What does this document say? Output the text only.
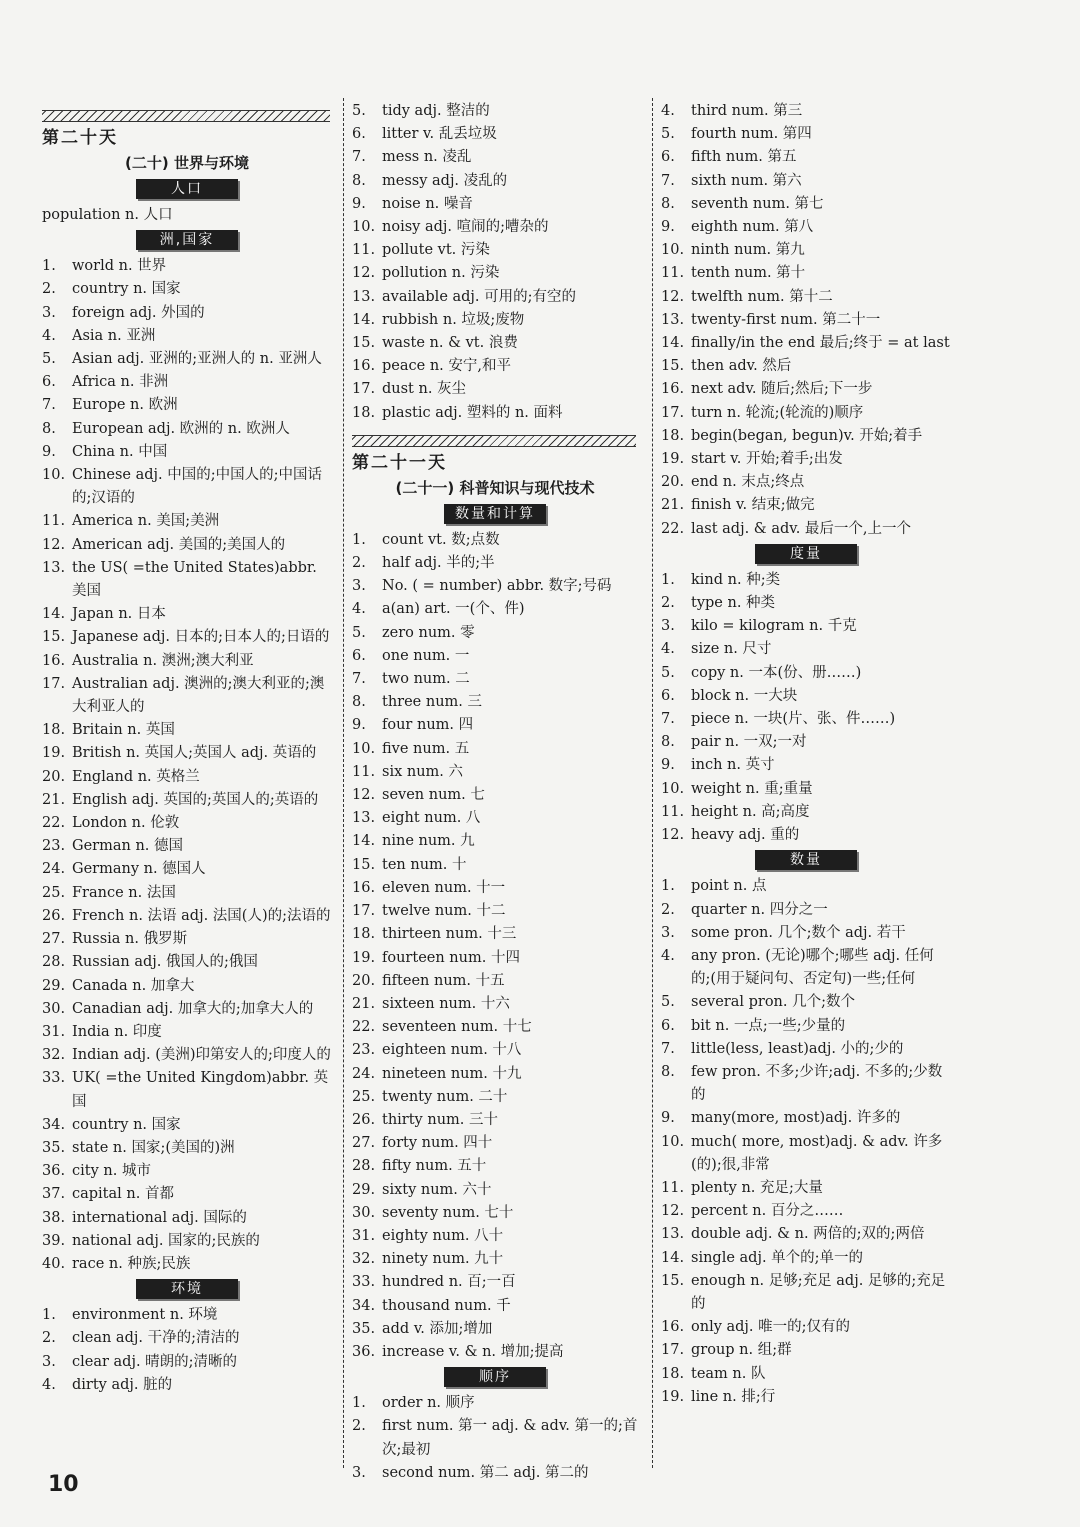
第二十天
(二十) 世界与环境
人口
population n. 人口
洲,国家
1.	world n. 世界
2.	country n. 国家
3.	foreign adj. 外国的
4.	Asia n. 亚洲
5.	Asian adj. 亚洲的;亚洲人的 n. 亚洲人
6.	Africa n. 非洲
7.	Europe n. 欧洲
8.	European adj. 欧洲的 n. 欧洲人
9.	China n. 中国
10. Chinese adj. 中国的;中国人的;中国话的;汉语的
11. America n. 美国;美洲
12. American adj. 美国的;美国人的
13. the US( =the United States)abbr. 美国
14. Japan n. 日本
15. Japanese adj. 日本的;日本人的;日语的
16. Australia n. 澳洲;澳大利亚
17. Australian adj. 澳洲的;澳大利亚的;澳大利亚人的
18. Britain n. 英国
19. British n. 英国人;英国人 adj. 英语的
20. England n. 英格兰
21. English adj. 英国的;英国人的;英语的
22. London n. 伦敦
23. German n. 德国
24. Germany n. 德国人
25. France n. 法国
26. French n. 法语 adj. 法国(人)的;法语的
27. Russia n. 俄罗斯
28. Russian adj. 俄国人的;俄国
29. Canada n. 加拿大
30. Canadian adj. 加拿大的;加拿大人的
31. India n. 印度
32. Indian adj. (美洲)印第安人的;印度人的
33. UK( =the United Kingdom)abbr. 英国
34. country n. 国家
35. state n. 国家;(美国的)洲
36. city n. 城市
37. capital n. 首都
38. international adj. 国际的
39. national adj. 国家的;民族的
40. race n. 种族;民族
环境
1.	environment n. 环境
2.	clean adj. 干净的;清洁的
3.	clear adj. 晴朗的;清晰的
4.	dirty adj. 脏的
5.	tidy adj. 整洁的
6.	litter v. 乱丢垃圾
7.	mess n. 凌乱
8.	messy adj. 凌乱的
9.	noise n. 噪音
10. noisy adj. 喧闹的;嘈杂的
11. pollute vt. 污染
12. pollution n. 污染
13. available adj. 可用的;有空的
14. rubbish n. 垃圾;废物
15. waste n. & vt. 浪费
16. peace n. 安宁,和平
17. dust n. 灰尘
18. plastic adj. 塑料的 n. 面料
第二十一天
(二十一) 科普知识与现代技术
数量和计算
1.	count vt. 数;点数
2.	half adj. 半的;半
3.	No. ( = number) abbr. 数字;号码
4.	a(an) art. 一(个、件)
5.	zero num. 零
6.	one num. 一
7.	two num. 二
8.	three num. 三
9.	four num. 四
10. five num. 五
11. six num. 六
12. seven num. 七
13. eight num. 八
14. nine num. 九
15. ten num. 十
16. eleven num. 十一
17. twelve num. 十二
18. thirteen num. 十三
19. fourteen num. 十四
20. fifteen num. 十五
21. sixteen num. 十六
22. seventeen num. 十七
23. eighteen num. 十八
24. nineteen num. 十九
25. twenty num. 二十
26. thirty num. 三十
27. forty num. 四十
28. fifty num. 五十
29. sixty num. 六十
30. seventy num. 七十
31. eighty num. 八十
32. ninety num. 九十
33. hundred n. 百;一百
34. thousand num. 千
35. add v. 添加;增加
36. increase v. & n. 增加;提高
顺序
1.	order n. 顺序
2.	first num. 第一 adj. & adv. 第一的;首次;最初
3.	second num. 第二 adj. 第二的
4.	third num. 第三
5.	fourth num. 第四
6.	fifth num. 第五
7.	sixth num. 第六
8.	seventh num. 第七
9.	eighth num. 第八
10. ninth num. 第九
11. tenth num. 第十
12. twelfth num. 第十二
13. twenty-first num. 第二十一
14. finally/in the end 最后;终于 = at last
15. then adv. 然后
16. next adv. 随后;然后;下一步
17. turn n. 轮流;(轮流的)顺序
18. begin(began, begun)v. 开始;着手
19. start v. 开始;着手;出发
20. end n. 末点;终点
21. finish v. 结束;做完
22. last adj. & adv. 最后一个,上一个
度量
1.	kind n. 种;类
2.	type n. 种类
3.	kilo = kilogram n. 千克
4.	size n. 尺寸
5.	copy n. 一本(份、册……)
6.	block n. 一大块
7.	piece n. 一块(片、张、件……)
8.	pair n. 一双;一对
9.	inch n. 英寸
10. weight n. 重;重量
11. height n. 高;高度
12. heavy adj. 重的
数量
1.	point n. 点
2.	quarter n. 四分之一
3.	some pron. 几个;数个 adj. 若干
4.	any pron. (无论)哪个;哪些 adj. 任何的;(用于疑问句、否定句)一些;任何
5.	several pron. 几个;数个
6.	bit n. 一点;一些;少量的
7.	little(less, least)adj. 小的;少的
8.	few pron. 不多;少许;adj. 不多的;少数的
9.	many(more, most)adj. 许多的
10. much( more, most)adj. & adv. 许多(的);很,非常
11. plenty n. 充足;大量
12. percent n. 百分之……
13. double adj. & n. 两倍的;双的;两倍
14. single adj. 单个的;单一的
15. enough n. 足够;充足 adj. 足够的;充足的
16. only adj. 唯一的;仅有的
17. group n. 组;群
18. team n. 队
19. line n. 排;行
10
